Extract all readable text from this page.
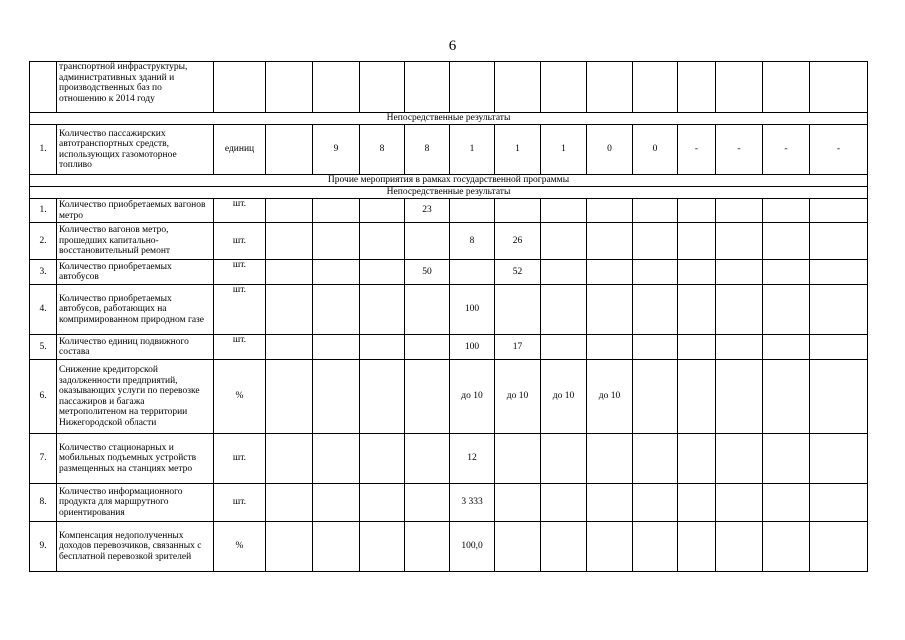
6
	транспортной инфраструктуры, административных зданий и производственных баз по отношению к 2014 году														
Непосредственные результаты															
1.	Количество пассажирских автотранспортных средств, использующих газомоторное топливо	единиц		9	8	8	1	1	1	0	0	-	-	-	-
Прочие мероприятия в рамках государственной программы															
Непосредственные результаты															
1.	Количество приобретаемых вагонов метро	шт.				23									
2.	Количество вагонов метро, прошедших капитально-восстановительный ремонт	шт.					8	26							
3.	Количество приобретаемых автобусов	шт.				50		52							
4.	Количество приобретаемых автобусов, работающих на компримированном природном газе	шт.					100								
5.	Количество единиц подвижного состава	шт.					100	17							
6.	Снижение кредиторской задолженности предприятий, оказывающих услуги по перевозке пассажиров и багажа метрополитеном на территории Нижегородской области	%					до 10	до 10	до 10	до 10					
7.	Количество стационарных и мобильных подъемных устройств размещенных на станциях метро	шт.					12								
8.	Количество информационного продукта для маршрутного ориентирования	шт.					3 333								
9.	Компенсация недополученных доходов перевозчиков, связанных с бесплатной перевозкой зрителей	%					100,0								
